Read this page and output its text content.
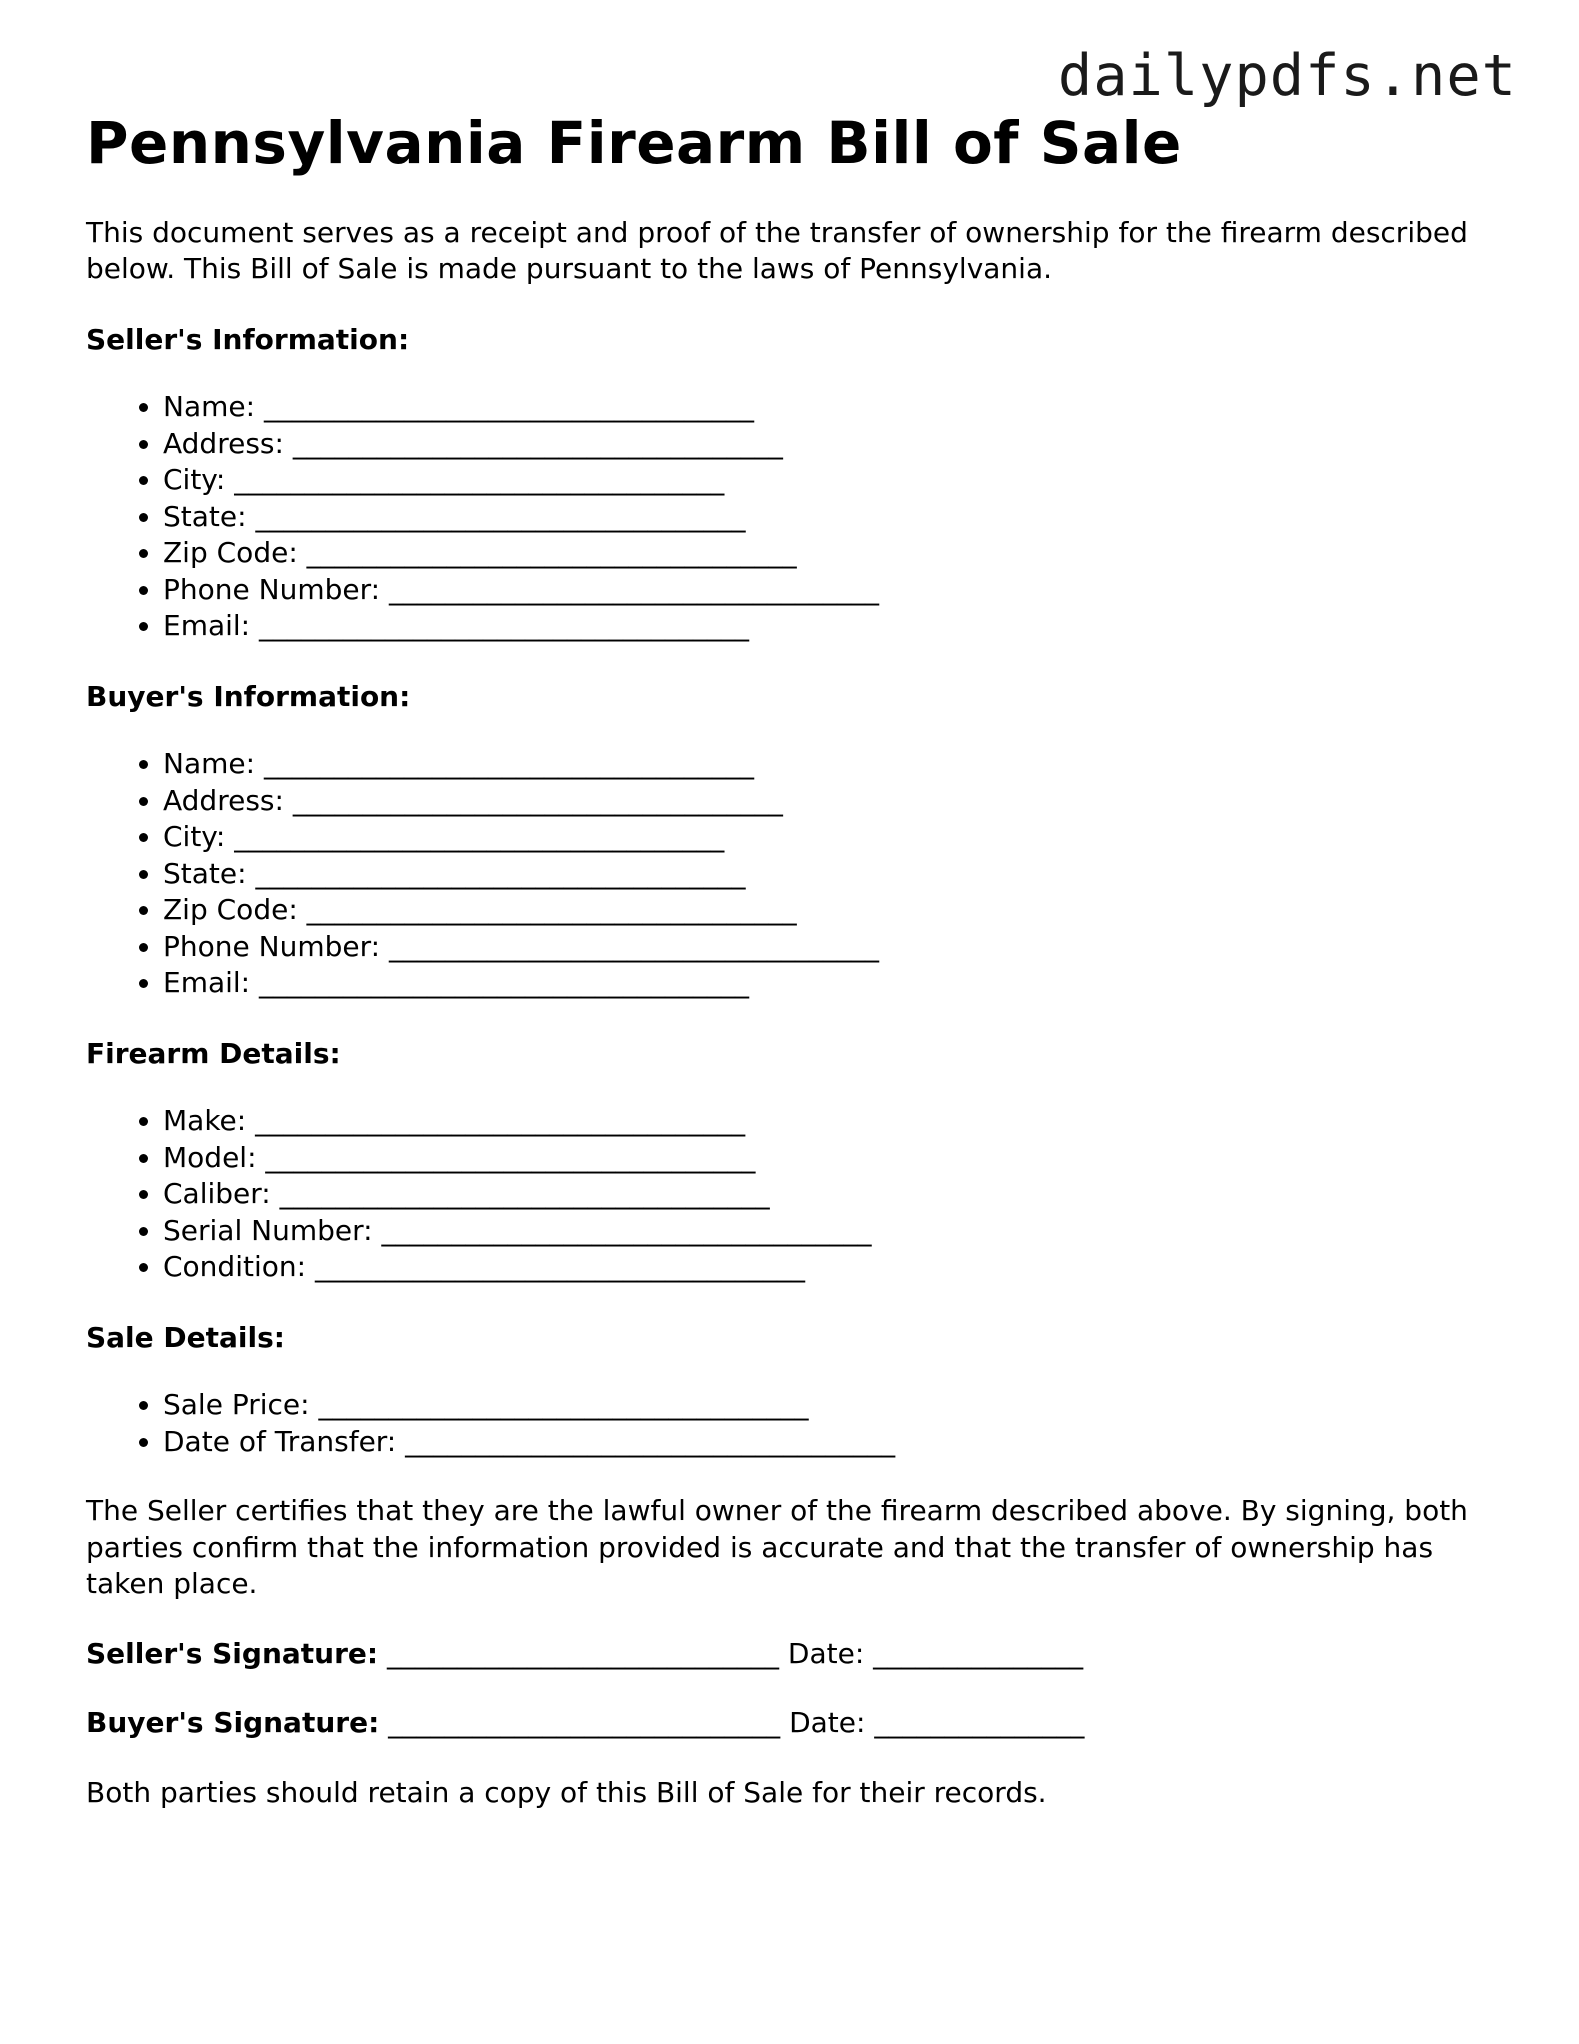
dailypdfs.net
Pennsylvania Firearm Bill of Sale

This document serves as a receipt and proof of the transfer of ownership for the firearm described below. This Bill of Sale is made pursuant to the laws of Pennsylvania.

Seller's Information:
• Name: ___________________________________
• Address: ___________________________________
• City: ___________________________________
• State: ___________________________________
• Zip Code: ___________________________________
• Phone Number: ___________________________________
• Email: ___________________________________
Buyer's Information:
• Name: ___________________________________
• Address: ___________________________________
• City: ___________________________________
• State: ___________________________________
• Zip Code: ___________________________________
• Phone Number: ___________________________________
• Email: ___________________________________
Firearm Details:
• Make: ___________________________________
• Model: ___________________________________
• Caliber: ___________________________________
• Serial Number: ___________________________________
• Condition: ___________________________________
Sale Details:
• Sale Price: ___________________________________
• Date of Transfer: ___________________________________

The Seller certifies that they are the lawful owner of the firearm described above. By signing, both parties confirm that the information provided is accurate and that the transfer of ownership has taken place.

Seller's Signature: ____________________________ Date: _______________
Buyer's Signature: ____________________________ Date: _______________

Both parties should retain a copy of this Bill of Sale for their records.
